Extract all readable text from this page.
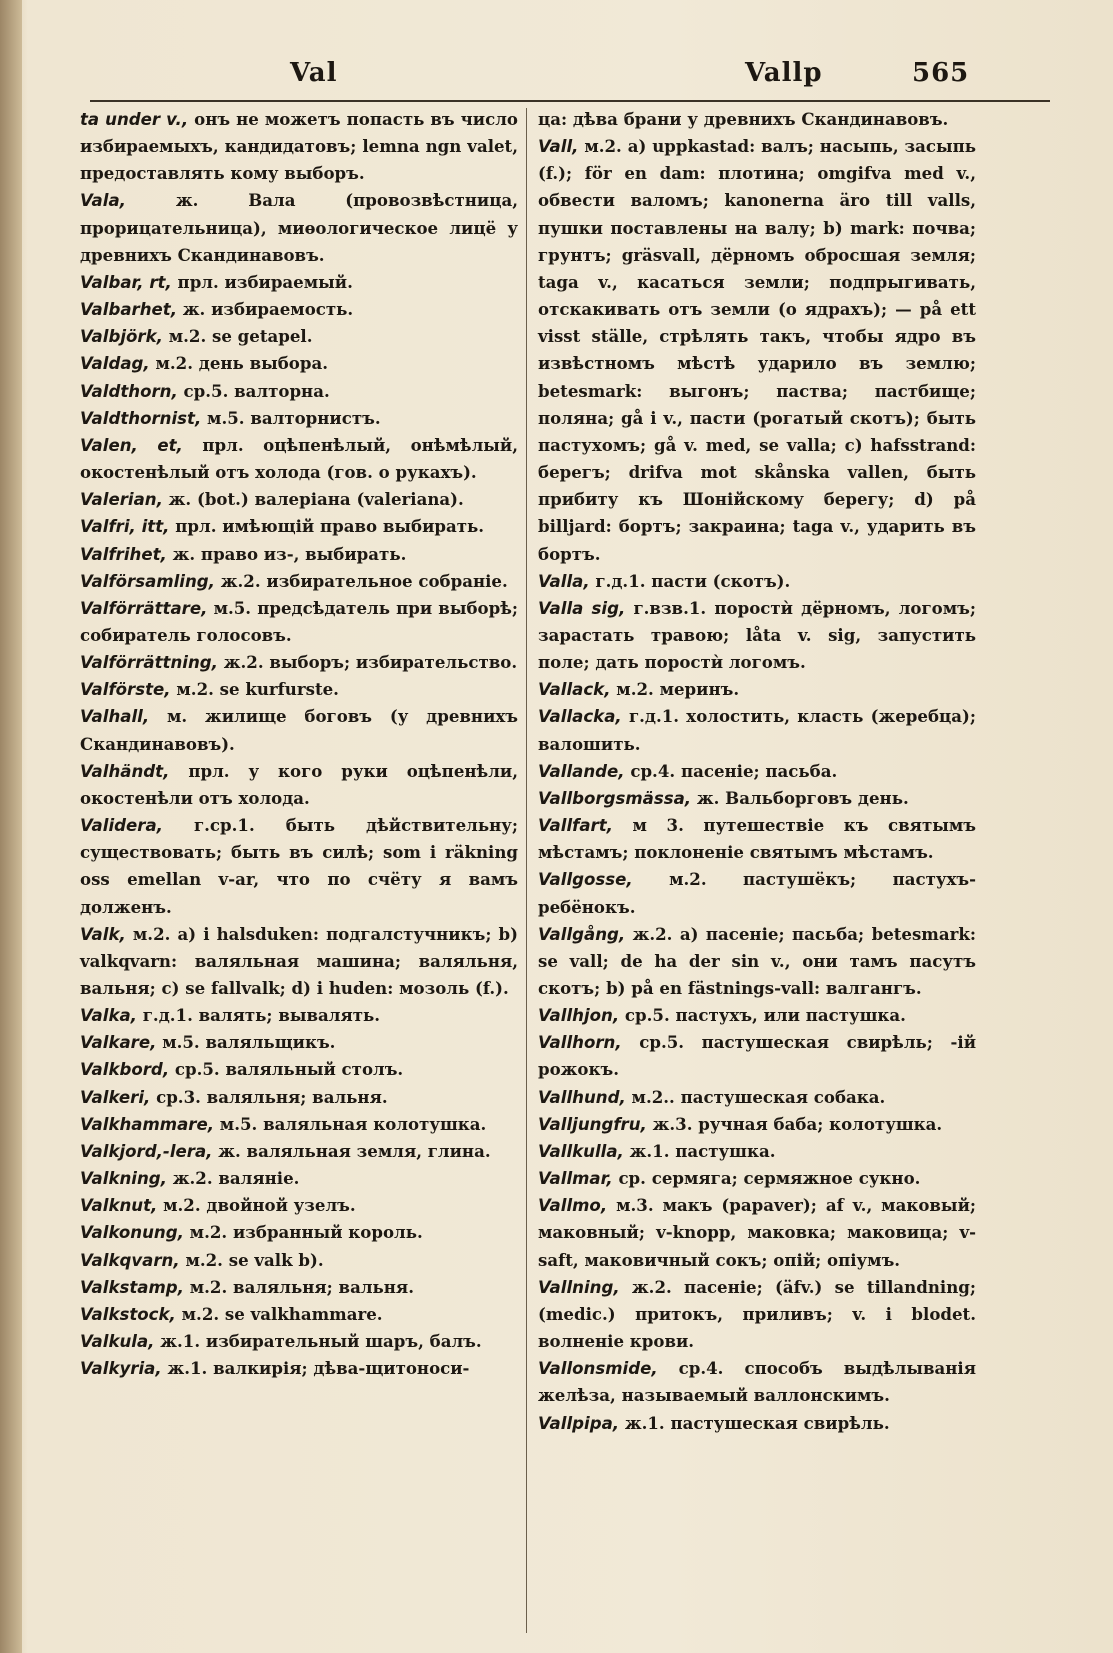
Val	Vallp	565
ta under v., онъ не можетъ попасть въ число избираемыхъ, кандидатовъ; lemna ngn valet, предоставлять кому выборъ.
Vala, ж. Вала (провозвѣстница, прорицательница), миѳологическое лицё у древнихъ Скандинавовъ.
Valbar, rt, прл. избираемый.
Valbarhet, ж. избираемость.
Valbjörk, м.2. se getapel.
Valdag, м.2. день выбора.
Valdthorn, ср.5. валторна.
Valdthornist, м.5. валторнистъ.
Valen, et, прл. оцѣпенѣлый, онѣмѣлый, окостенѣлый отъ холода (гов. о рукахъ).
Valerian, ж. (bot.) валеріана (valeriana).
Valfri, itt, прл. имѣющій право выбирать.
Valfrihet, ж. право из-, выбирать.
Valförsamling, ж.2. избирательное собраніе.
Valförrättare, м.5. предсѣдатель при выборѣ; собиратель голосовъ.
Valförrättning, ж.2. выборъ; избирательство.
Valförste, м.2. se kurfurste.
Valhall, м. жилище боговъ (у древнихъ Скандинавовъ).
Valhändt, прл. у кого руки оцѣпенѣли, окостенѣли отъ холода.
Validera, г.ср.1. быть дѣйствительну; существовать; быть въ силѣ; som i räkning oss emellan v-ar, что по счёту я вамъ долженъ.
Valk, м.2. a) i halsduken: подгалстучникъ; b) valkqvarn: валяльная машина; валяльня, вальня; c) se fallvalk; d) i huden: мозоль (f.).
Valka, г.д.1. валять; вывалять.
Valkare, м.5. валяльщикъ.
Valkbord, ср.5. валяльный столъ.
Valkeri, ср.3. валяльня; вальня.
Valkhammare, м.5. валяльная колотушка.
Valkjord,-lera, ж. валяльная земля, глина.
Valkning, ж.2. валяніе.
Valknut, м.2. двойной узелъ.
Valkonung, м.2. избранный король.
Valkqvarn, м.2. se valk b).
Valkstamp, м.2. валяльня; вальня.
Valkstock, м.2. se valkhammare.
Valkula, ж.1. избирательный шаръ, балъ.
Valkyria, ж.1. валкирія; дѣва-щитоноси-
ца: дѣва брани у древнихъ Скандинавовъ.
Vall, м.2. a) uppkastad: валъ; насыпь, засыпь (f.); för en dam: плотина; omgifva med v., обвести валомъ; kanonerna äro till valls, пушки поставлены на валу; b) mark: почва; грунтъ; gräsvall, дёрномъ обросшая земля; taga v., касаться земли; подпрыгивать, отскакивать отъ земли (о ядрахъ); — på ett visst ställe, стрѣлять такъ, чтобы ядро въ извѣстномъ мѣстѣ ударило въ землю; betesmark: выгонъ; паства; пастбище; поляна; gå i v., пасти (рогатый скотъ); быть пастухомъ; gå v. med, se valla; c) hafsstrand: берегъ; drifva mot skånska vallen, быть прибиту къ Шонійскому берегу; d) på billjard: бортъ; закраина; taga v., ударить въ бортъ.
Valla, г.д.1. пасти (скотъ).
Valla sig, г.взв.1. поростѝ дёрномъ, логомъ; зарастать травою; låta v. sig, запустить поле; дать поростѝ логомъ.
Vallack, м.2. меринъ.
Vallacka, г.д.1. холостить, класть (жеребца); валошить.
Vallande, ср.4. пасеніе; пасьба.
Vallborgsmässa, ж. Вальборговъ день.
Vallfart, м 3. путешествіе къ святымъ мѣстамъ; поклоненіе святымъ мѣстамъ.
Vallgosse, м.2. пастушёкъ; пастухъ-ребёнокъ.
Vallgång, ж.2. a) пасеніе; пасьба; betesmark: se vall; de ha der sin v., они тамъ пасутъ скотъ; b) på en fästnings-vall: валгангъ.
Vallhjon, ср.5. пастухъ, или пастушка.
Vallhorn, ср.5. пастушеская свирѣль; -ій рожокъ.
Vallhund, м.2.. пастушеская собака.
Valljungfru, ж.3. ручная баба; колотушка.
Vallkulla, ж.1. пастушка.
Vallmar, ср. сермяга; сермяжное сукно.
Vallmo, м.3. макъ (papaver); af v., маковый; маковный; v-knopp, маковка; маковица; v-saft, маковичный сокъ; опій; опіумъ.
Vallning, ж.2. пасеніе; (äfv.) se tillandning; (medic.) притокъ, приливъ; v. i blodet. волненіе крови.
Vallonsmide, ср.4. способъ выдѣлыванія желѣза, называемый валлонскимъ.
Vallpipa, ж.1. пастушеская свирѣль.
